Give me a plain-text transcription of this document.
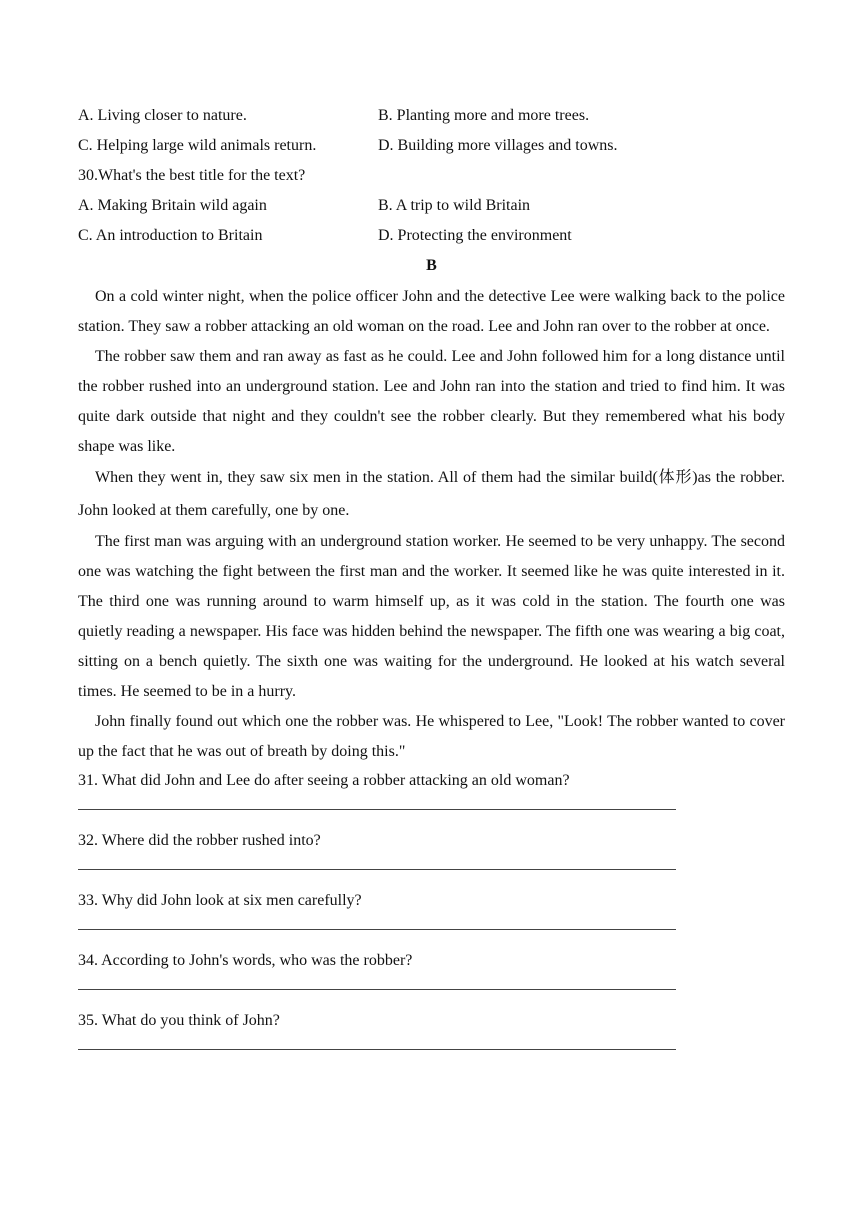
A. Living closer to nature.	B. Planting more and more trees.
C. Helping large wild animals return.	D. Building more villages and towns.
30.What's the best title for the text?
A. Making Britain wild again	B. A trip to wild Britain
C. An introduction to Britain	D. Protecting the environment
B

On a cold winter night, when the police officer John and the detective Lee were walking back to the police station. They saw a robber attacking an old woman on the road. Lee and John ran over to the robber at once.

The robber saw them and ran away as fast as he could. Lee and John followed him for a long distance until the robber rushed into an underground station. Lee and John ran into the station and tried to find him. It was quite dark outside that night and they couldn't see the robber clearly. But they remembered what his body shape was like.

When they went in, they saw six men in the station. All of them had the similar build(体形)as the robber. John looked at them carefully, one by one.

The first man was arguing with an underground station worker. He seemed to be very unhappy. The second one was watching the fight between the first man and the worker. It seemed like he was quite interested in it. The third one was running around to warm himself up, as it was cold in the station. The fourth one was quietly reading a newspaper. His face was hidden behind the newspaper. The fifth one was wearing a big coat, sitting on a bench quietly. The sixth one was waiting for the underground. He looked at his watch several times. He seemed to be in a hurry.

John finally found out which one the robber was. He whispered to Lee, "Look! The robber wanted to cover up the fact that he was out of breath by doing this."

31. What did John and Lee do after seeing a robber attacking an old woman?
32. Where did the robber rushed into?
33. Why did John look at six men carefully?
34. According to John's words, who was the robber?
35. What do you think of John?
